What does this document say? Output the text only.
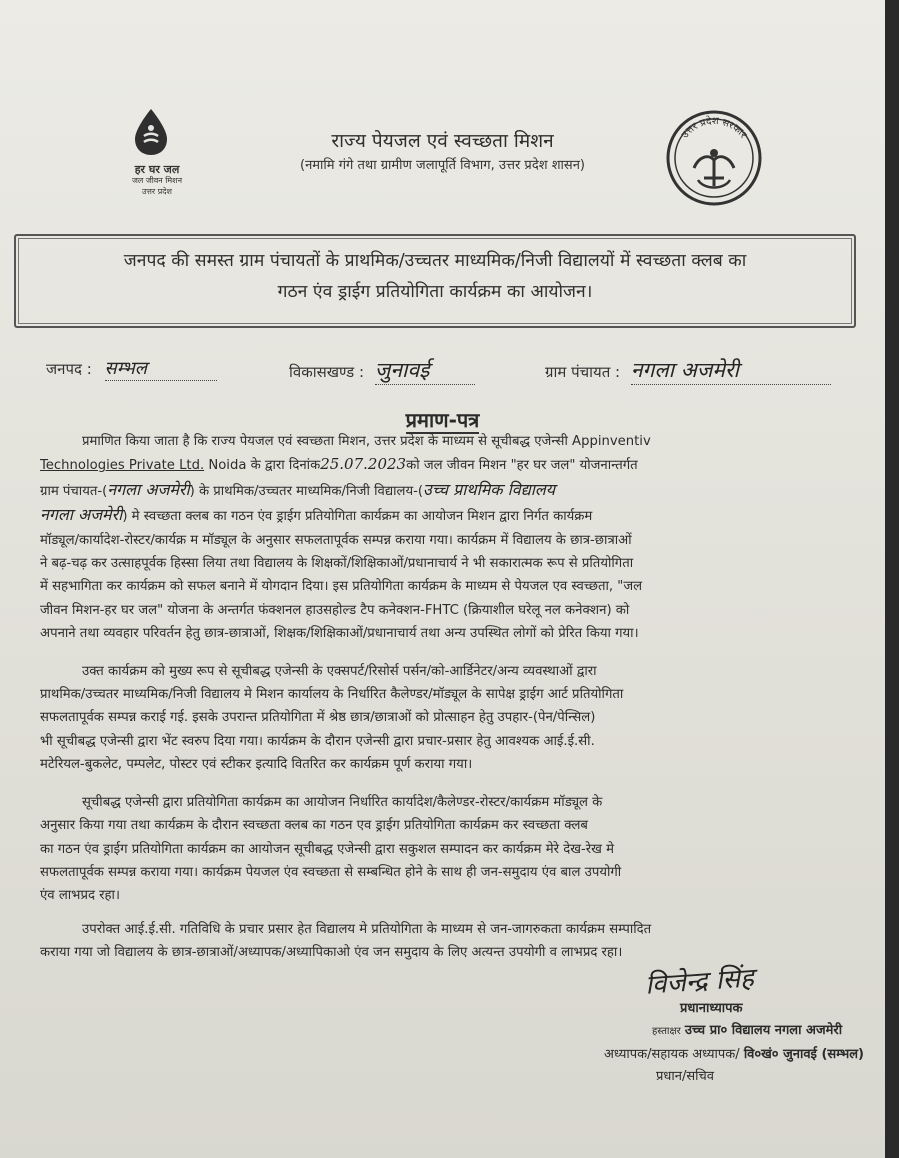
हर घर जल
जल जीवन मिशन
उत्तर प्रदेश
राज्य पेयजल एवं स्वच्छता मिशन
(नमामि गंगे तथा ग्रामीण जलापूर्ति विभाग, उत्तर प्रदेश शासन)
उत्तर प्रदेश सरकार
जनपद की समस्त ग्राम पंचायतों के प्राथमिक/उच्चतर माध्यमिक/निजी विद्यालयों में स्वच्छता क्लब का
गठन एंव ड्राईग प्रतियोगिता कार्यक्रम का आयोजन।
जनपद : सम्भल	विकासखण्ड : जुनावई	ग्राम पंचायत : नगला अजमेरी
प्रमाण-पत्र
प्रमाणित किया जाता है कि राज्य पेयजल एवं स्वच्छता मिशन, उत्तर प्रदेश के माध्यम से सूचीबद्ध एजेन्सी Appinventiv
Technologies Private Ltd. Noida के द्वारा दिनांक25.07.2023को जल जीवन मिशन "हर घर जल" योजनान्तर्गत
ग्राम पंचायत-(नगला अजमेरी) के प्राथमिक/उच्चतर माध्यमिक/निजी विद्यालय-(उच्च प्राथमिक विद्यालय
नगला अजमेरी) मे स्वच्छता क्लब का गठन एंव ड्राईग प्रतियोगिता कार्यक्रम का आयोजन मिशन द्वारा निर्गत कार्यक्रम
मॉड्यूल/कार्यादेश-रोस्टर/कार्यक्र म मॉड्यूल के अनुसार सफलतापूर्वक सम्पन्न कराया गया। कार्यक्रम में विद्यालय के छात्र-छात्राओं
ने बढ़-चढ़ कर उत्साहपूर्वक हिस्सा लिया तथा विद्यालय के शिक्षकों/शिक्षिकाओं/प्रधानाचार्य ने भी सकारात्मक रूप से प्रतियोगिता
में सहभागिता कर कार्यक्रम को सफल बनाने में योगदान दिया। इस प्रतियोगिता कार्यक्रम के माध्यम से पेयजल एव स्वच्छता, "जल
जीवन मिशन-हर घर जल" योजना के अन्तर्गत फंक्शनल हाउसहोल्ड टैप कनेक्शन-FHTC (क्रियाशील घरेलू नल कनेक्शन) को
अपनाने तथा व्यवहार परिवर्तन हेतु छात्र-छात्राओं, शिक्षक/शिक्षिकाओं/प्रधानाचार्य तथा अन्य उपस्थित लोगों को प्रेरित किया गया।
उक्त कार्यक्रम को मुख्य रूप से सूचीबद्ध एजेन्सी के एक्सपर्ट/रिसोर्स पर्सन/को-आर्डिनेटर/अन्य व्यवस्थाओं द्वारा
प्राथमिक/उच्चतर माध्यमिक/निजी विद्यालय मे मिशन कार्यालय के निर्धारित कैलेण्डर/मॉड्यूल के सापेक्ष ड्राईग आर्ट प्रतियोगिता
सफलतापूर्वक सम्पन्न कराई गई. इसके उपरान्त प्रतियोगिता में श्रेष्ठ छात्र/छात्राओं को प्रोत्साहन हेतु उपहार-(पेन/पेन्सिल)
भी सूचीबद्ध एजेन्सी द्वारा भेंट स्वरुप दिया गया। कार्यक्रम के दौरान एजेन्सी द्वारा प्रचार-प्रसार हेतु आवश्यक आई.ई.सी.
मटेरियल-बुकलेट, पम्पलेट, पोस्टर एवं स्टीकर इत्यादि वितरित कर कार्यक्रम पूर्ण कराया गया।
सूचीबद्ध एजेन्सी द्वारा प्रतियोगिता कार्यक्रम का आयोजन निर्धारित कार्यादेश/कैलेण्डर-रोस्टर/कार्यक्रम मॉड्यूल के
अनुसार किया गया तथा कार्यक्रम के दौरान स्वच्छता क्लब का गठन एव ड्राईग प्रतियोगिता कार्यक्रम कर स्वच्छता क्लब
का गठन एंव ड्राईग प्रतियोगिता कार्यक्रम का आयोजन सूचीबद्ध एजेन्सी द्वारा सकुशल सम्पादन कर कार्यक्रम मेरे देख-रेख मे
सफलतापूर्वक सम्पन्न कराया गया। कार्यक्रम पेयजल एंव स्वच्छता से सम्बन्धित होने के साथ ही जन-समुदाय एंव बाल उपयोगी
एंव लाभप्रद रहा।
उपरोक्त आई.ई.सी. गतिविधि के प्रचार प्रसार हेत विद्यालय मे प्रतियोगिता के माध्यम से जन-जागरुकता कार्यक्रम सम्पादित
कराया गया जो विद्यालय के छात्र-छात्राओं/अध्यापक/अध्यापिकाओ एंव जन समुदाय के लिए अत्यन्त उपयोगी व लाभप्रद रहा।
विजेन्द्र सिंह
प्रधानाध्यापक
हस्ताक्षर उच्च प्रा० विद्यालय नगला अजमेरी
अध्यापक/सहायक अध्यापक/ वि०खं० जुनावई (सम्भल)
प्रधान/सचिव
